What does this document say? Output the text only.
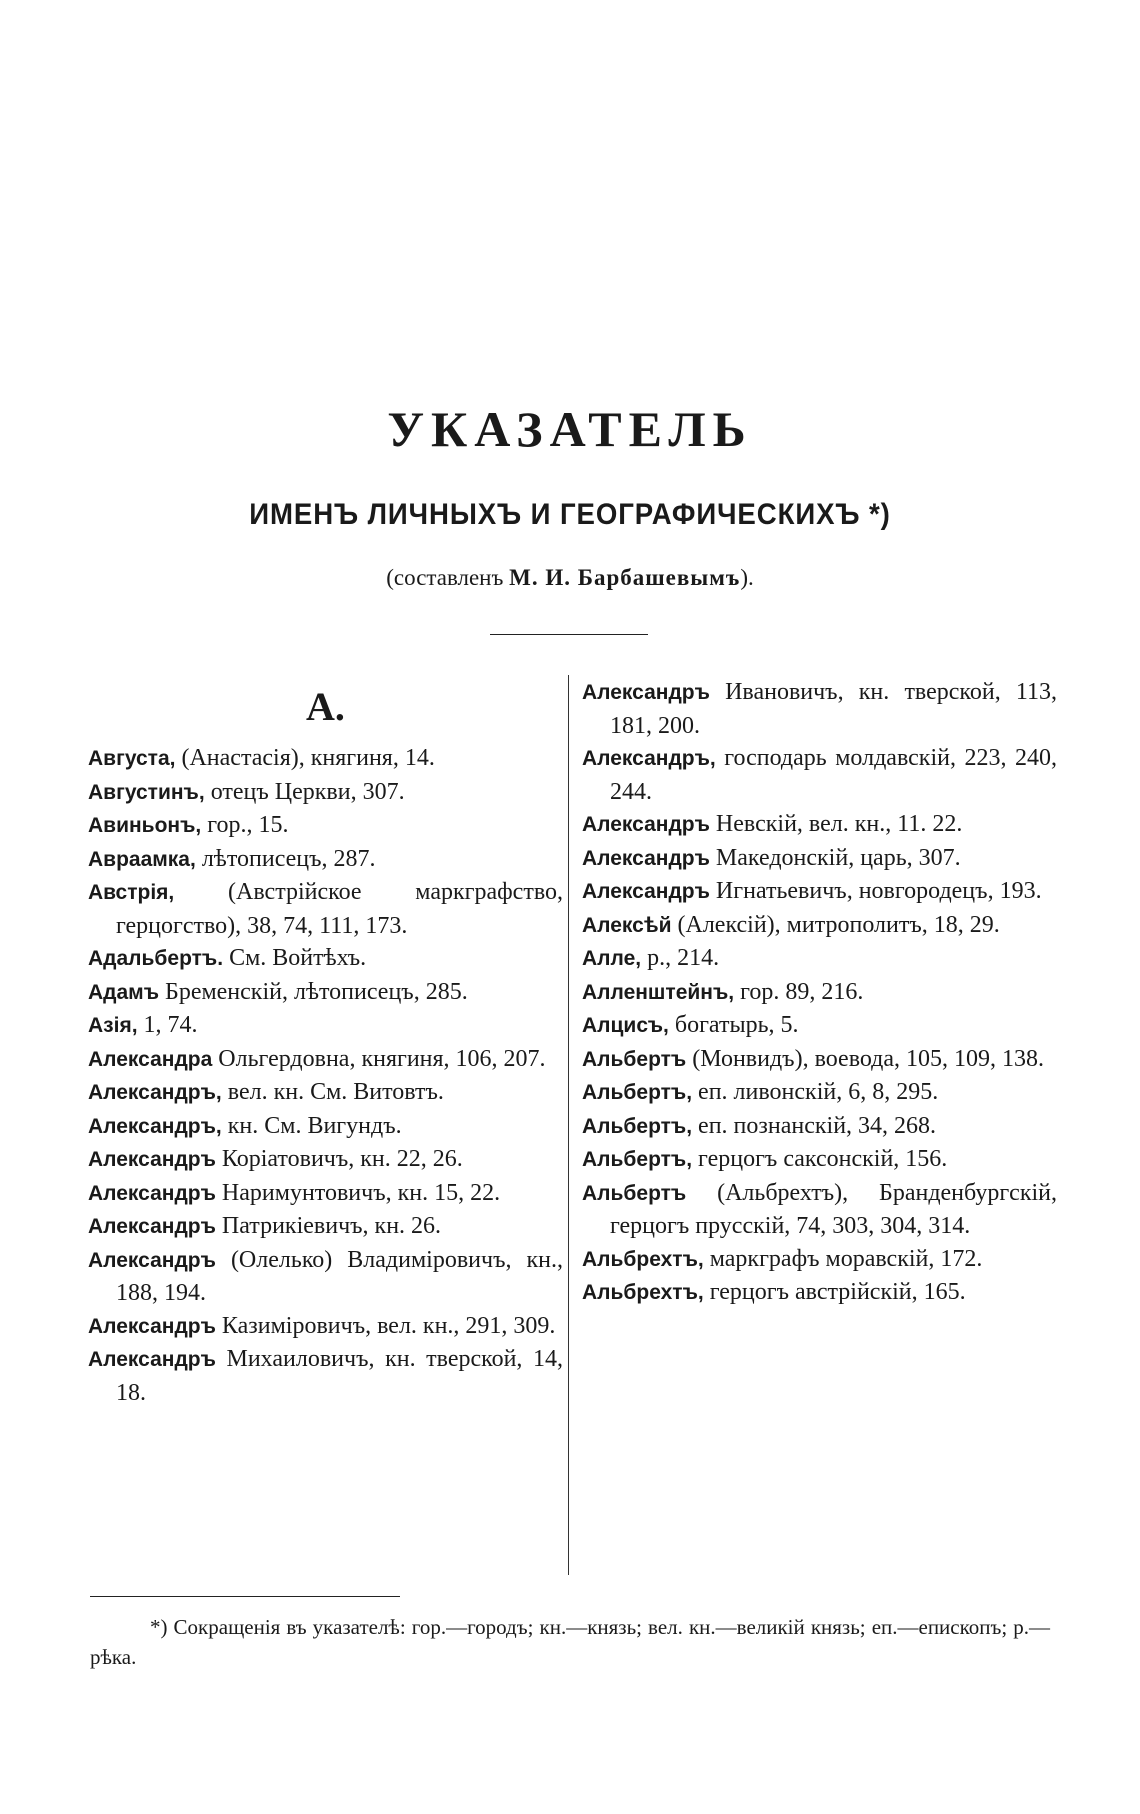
УКАЗАТЕЛЬ
ИМЕНЪ ЛИЧНЫХЪ И ГЕОГРАФИЧЕСКИХЪ *)
(составленъ М. И. Барбашевымъ).
А.

Августа, (Анастасія), княгиня, 14.

Августинъ, отецъ Церкви, 307.

Авиньонъ, гор., 15.

Авраамка, лѣтописецъ, 287.

Австрія, (Австрійское маркграфство, герцогство), 38, 74, 111, 173.

Адальбертъ. См. Войтѣхъ.

Адамъ Бременскій, лѣтописецъ, 285.

Азія, 1, 74.

Александра Ольгердовна, княгиня, 106, 207.

Александръ, вел. кн. См. Витовтъ.

Александръ, кн. См. Вигундъ.

Александръ Коріатовичъ, кн. 22, 26.

Александръ Наримунтовичъ, кн. 15, 22.

Александръ Патрикіевичъ, кн. 26.

Александръ (Олелько) Владиміровичъ, кн., 188, 194.

Александръ Казиміровичъ, вел. кн., 291, 309.

Александръ Михаиловичъ, кн. тверской, 14, 18.

Александръ Ивановичъ, кн. тверской, 113, 181, 200.

Александръ, господарь молдавскій, 223, 240, 244.

Александръ Невскій, вел. кн., 11. 22.

Александръ Македонскій, царь, 307.

Александръ Игнатьевичъ, новгородецъ, 193.

Алексѣй (Алексій), митрополитъ, 18, 29.

Алле, р., 214.

Алленштейнъ, гор. 89, 216.

Алцисъ, богатырь, 5.

Альбертъ (Монвидъ), воевода, 105, 109, 138.

Альбертъ, еп. ливонскій, 6, 8, 295.

Альбертъ, еп. познанскій, 34, 268.

Альбертъ, герцогъ саксонскій, 156.

Альбертъ (Альбрехтъ), Бранденбургскій, герцогъ прусскій, 74, 303, 304, 314.

Альбрехтъ, маркграфъ моравскій, 172.

Альбрехтъ, герцогъ австрійскій, 165.

*) Сокращенія въ указателѣ: гор.—городъ; кн.—князь; вел. кн.—великій князь; еп.—епископъ; р.—рѣка.
